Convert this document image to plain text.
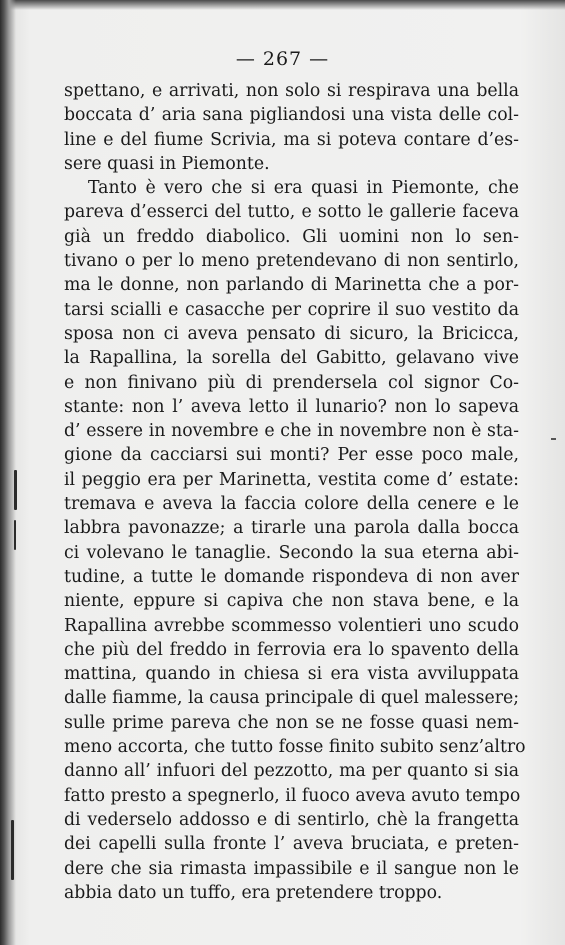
— 267 —
spettano, e arrivati, non solo si respirava una bella
boccata d’ aria sana pigliandosi una vista delle col-
line e del fiume Scrivia, ma si poteva contare d’es-
sere quasi in Piemonte.
Tanto è vero che si era quasi in Piemonte, che
pareva d’esserci del tutto, e sotto le gallerie faceva
già un freddo diabolico. Gli uomini non lo sen-
tivano o per lo meno pretendevano di non sentirlo,
ma le donne, non parlando di Marinetta che a por-
tarsi scialli e casacche per coprire il suo vestito da
sposa non ci aveva pensato di sicuro, la Bricicca,
la Rapallina, la sorella del Gabitto, gelavano vive
e non finivano più di prendersela col signor Co-
stante: non l’ aveva letto il lunario? non lo sapeva
d’ essere in novembre e che in novembre non è sta-
gione da cacciarsi sui monti? Per esse poco male,
il peggio era per Marinetta, vestita come d’ estate:
tremava e aveva la faccia colore della cenere e le
labbra pavonazze; a tirarle una parola dalla bocca
ci volevano le tanaglie. Secondo la sua eterna abi-
tudine, a tutte le domande rispondeva di non aver
niente, eppure si capiva che non stava bene, e la
Rapallina avrebbe scommesso volentieri uno scudo
che più del freddo in ferrovia era lo spavento della
mattina, quando in chiesa si era vista avviluppata
dalle fiamme, la causa principale di quel malessere;
sulle prime pareva che non se ne fosse quasi nem-
meno accorta, che tutto fosse finito subito senz’altro
danno all’ infuori del pezzotto, ma per quanto si sia
fatto presto a spegnerlo, il fuoco aveva avuto tempo
di vederselo addosso e di sentirlo, chè la frangetta
dei capelli sulla fronte l’ aveva bruciata, e preten-
dere che sia rimasta impassibile e il sangue non le
abbia dato un tuffo, era pretendere troppo.
